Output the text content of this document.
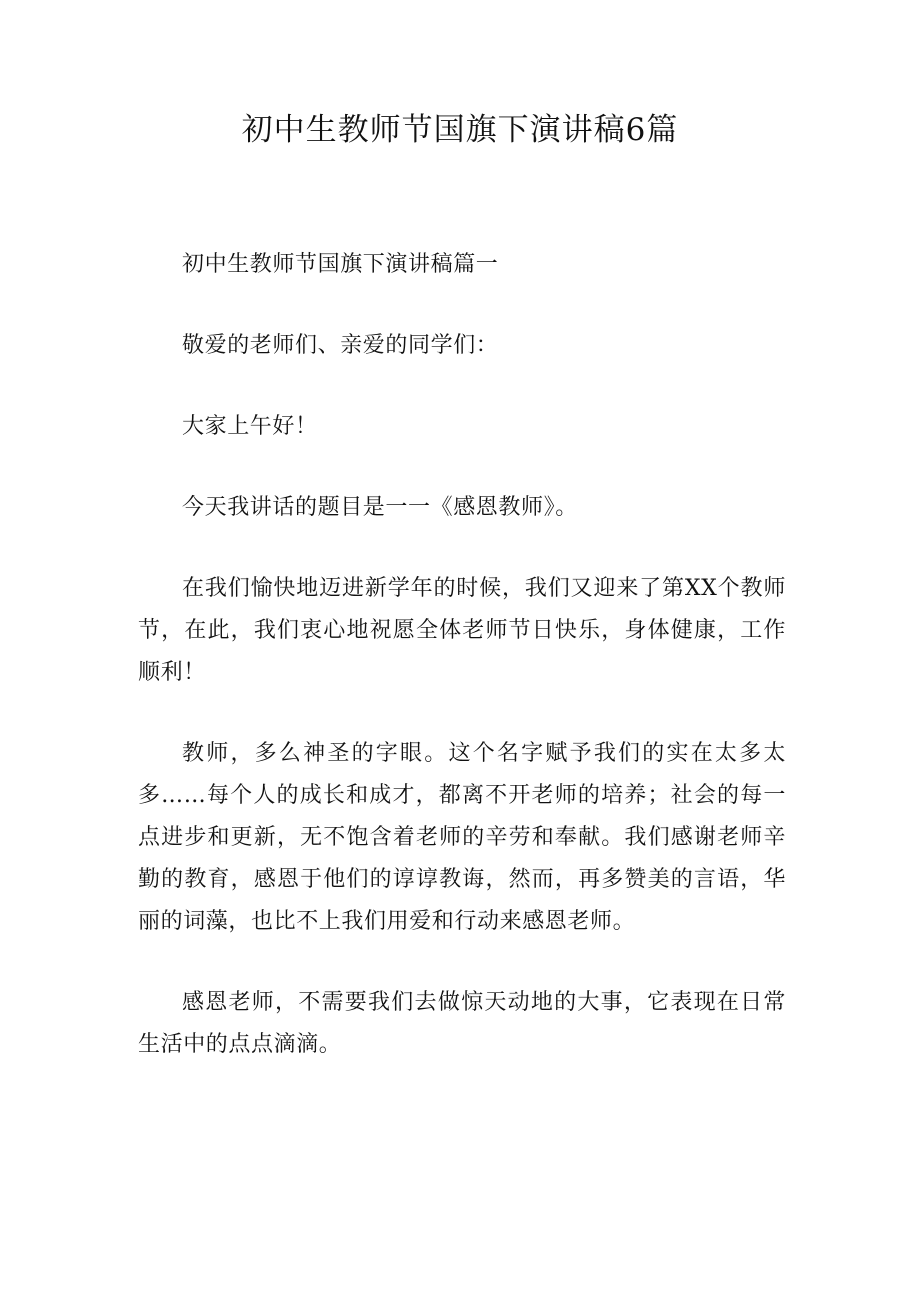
初中生教师节国旗下演讲稿6篇

初中生教师节国旗下演讲稿篇一

敬爱的老师们、亲爱的同学们：

大家上午好！

今天我讲话的题目是一一《感恩教师》。

在我们愉快地迈进新学年的时候，我们又迎来了第XX个教师节，在此，我们衷心地祝愿全体老师节日快乐，身体健康，工作顺利！

教师，多么神圣的字眼。这个名字赋予我们的实在太多太多……每个人的成长和成才，都离不开老师的培养；社会的每一点进步和更新，无不饱含着老师的辛劳和奉献。我们感谢老师辛勤的教育，感恩于他们的谆谆教诲，然而，再多赞美的言语，华丽的词藻，也比不上我们用爱和行动来感恩老师。

感恩老师，不需要我们去做惊天动地的大事，它表现在日常生活中的点点滴滴。
